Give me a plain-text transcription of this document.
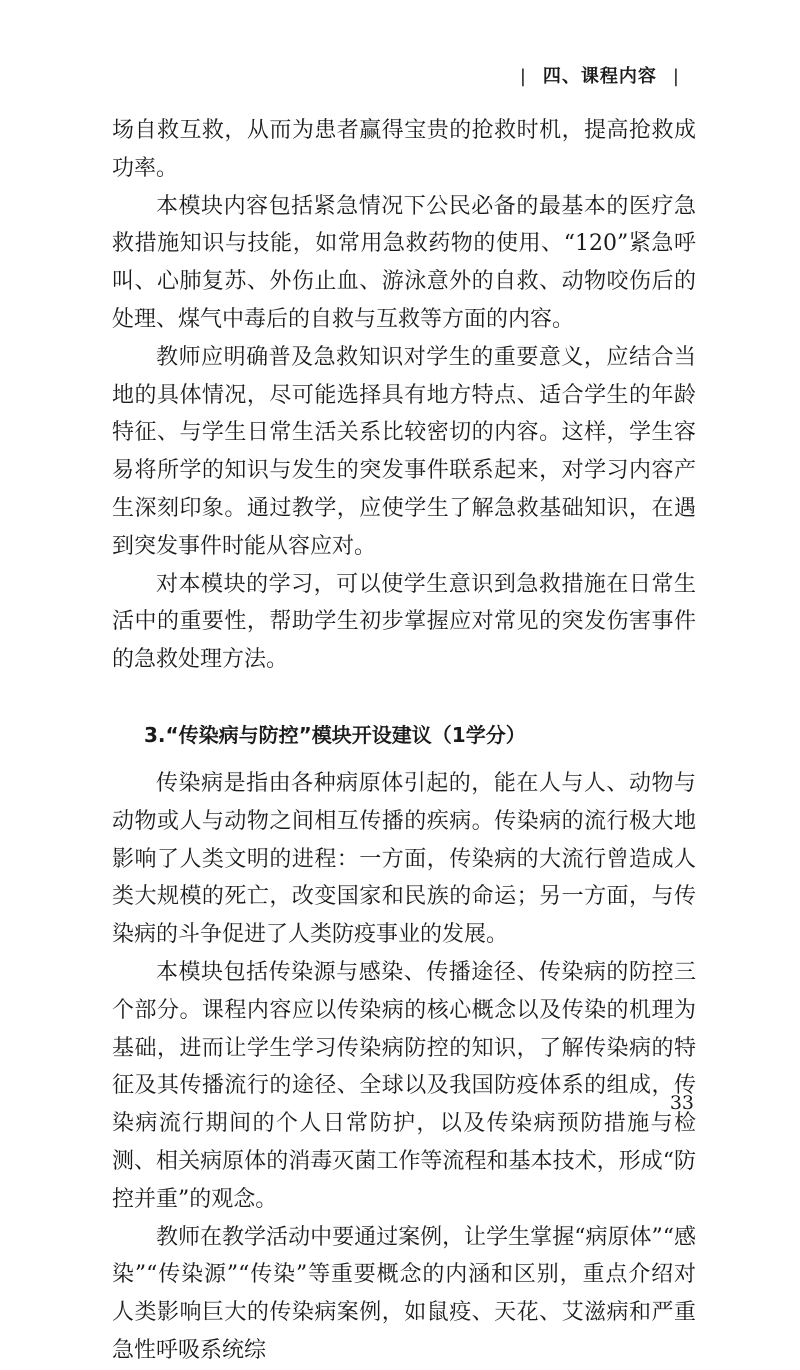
| 四、课程内容 |

场自救互救，从而为患者赢得宝贵的抢救时机，提高抢救成功率。

本模块内容包括紧急情况下公民必备的最基本的医疗急救措施知识与技能，如常用急救药物的使用、“120”紧急呼叫、心肺复苏、外伤止血、游泳意外的自救、动物咬伤后的处理、煤气中毒后的自救与互救等方面的内容。

教师应明确普及急救知识对学生的重要意义，应结合当地的具体情况，尽可能选择具有地方特点、适合学生的年龄特征、与学生日常生活关系比较密切的内容。这样，学生容易将所学的知识与发生的突发事件联系起来，对学习内容产生深刻印象。通过教学，应使学生了解急救基础知识，在遇到突发事件时能从容应对。

对本模块的学习，可以使学生意识到急救措施在日常生活中的重要性，帮助学生初步掌握应对常见的突发伤害事件的急救处理方法。

3.“传染病与防控”模块开设建议（1学分）

传染病是指由各种病原体引起的，能在人与人、动物与动物或人与动物之间相互传播的疾病。传染病的流行极大地影响了人类文明的进程：一方面，传染病的大流行曾造成人类大规模的死亡，改变国家和民族的命运；另一方面，与传染病的斗争促进了人类防疫事业的发展。

本模块包括传染源与感染、传播途径、传染病的防控三个部分。课程内容应以传染病的核心概念以及传染的机理为基础，进而让学生学习传染病防控的知识，了解传染病的特征及其传播流行的途径、全球以及我国防疫体系的组成，传染病流行期间的个人日常防护，以及传染病预防措施与检测、相关病原体的消毒灭菌工作等流程和基本技术，形成“防控并重”的观念。

教师在教学活动中要通过案例，让学生掌握“病原体”“感染”“传染源”“传染”等重要概念的内涵和区别，重点介绍对人类影响巨大的传染病案例，如鼠疫、天花、艾滋病和严重急性呼吸系统综

33
